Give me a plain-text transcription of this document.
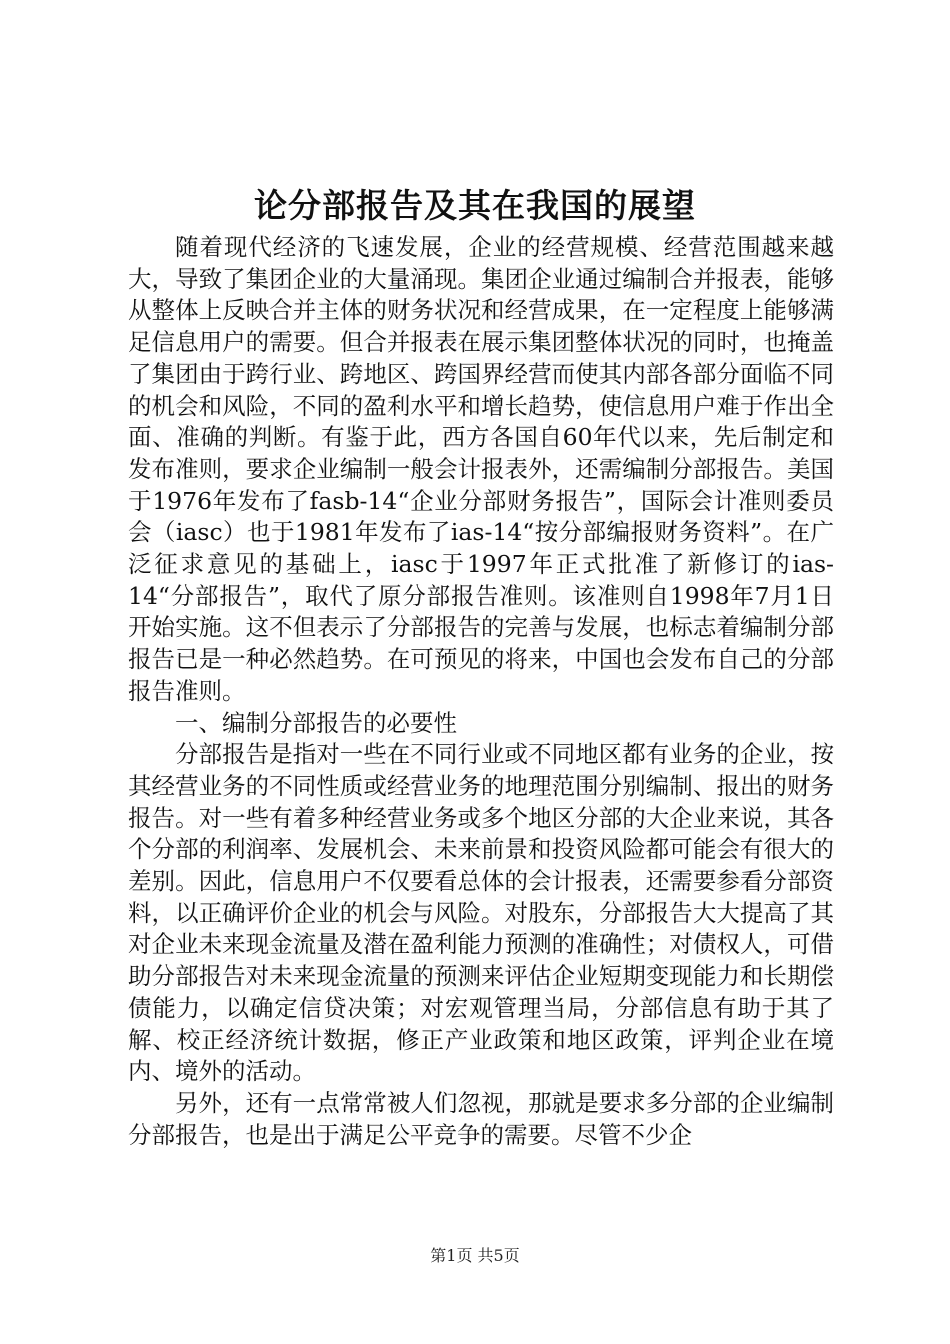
论分部报告及其在我国的展望

随着现代经济的飞速发展，企业的经营规模、经营范围越来越大，导致了集团企业的大量涌现。集团企业通过编制合并报表，能够从整体上反映合并主体的财务状况和经营成果，在一定程度上能够满足信息用户的需要。但合并报表在展示集团整体状况的同时，也掩盖了集团由于跨行业、跨地区、跨国界经营而使其内部各部分面临不同的机会和风险，不同的盈利水平和增长趋势，使信息用户难于作出全面、准确的判断。有鉴于此，西方各国自60年代以来，先后制定和发布准则，要求企业编制一般会计报表外，还需编制分部报告。美国于1976年发布了fasb-14“企业分部财务报告”，国际会计准则委员会（iasc）也于1981年发布了ias-14“按分部编报财务资料”。在广泛征求意见的基础上，iasc于1997年正式批准了新修订的ias-14“分部报告”，取代了原分部报告准则。该准则自1998年7月1日开始实施。这不但表示了分部报告的完善与发展，也标志着编制分部报告已是一种必然趋势。在可预见的将来，中国也会发布自己的分部报告准则。

一、编制分部报告的必要性

分部报告是指对一些在不同行业或不同地区都有业务的企业，按其经营业务的不同性质或经营业务的地理范围分别编制、报出的财务报告。对一些有着多种经营业务或多个地区分部的大企业来说，其各个分部的利润率、发展机会、未来前景和投资风险都可能会有很大的差别。因此，信息用户不仅要看总体的会计报表，还需要参看分部资料，以正确评价企业的机会与风险。对股东，分部报告大大提高了其对企业未来现金流量及潜在盈利能力预测的准确性；对债权人，可借助分部报告对未来现金流量的预测来评估企业短期变现能力和长期偿债能力，以确定信贷决策；对宏观管理当局，分部信息有助于其了解、校正经济统计数据，修正产业政策和地区政策，评判企业在境内、境外的活动。

另外，还有一点常常被人们忽视，那就是要求多分部的企业编制分部报告，也是出于满足公平竞争的需要。尽管不少企

第1页 共5页
